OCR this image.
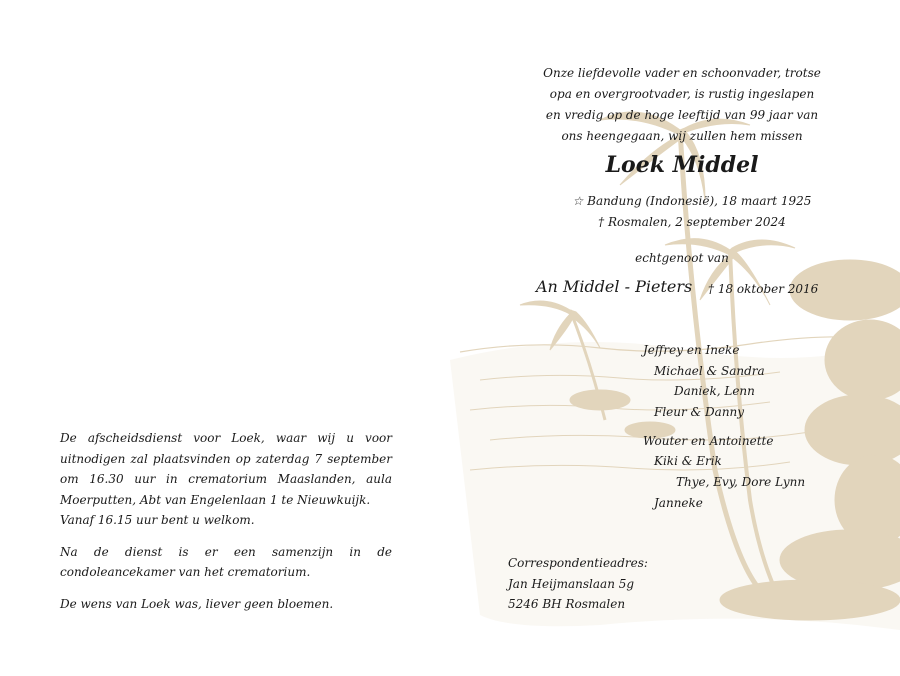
De afscheidsdienst voor Loek, waar wij u voor uitnodigen zal plaatsvinden op zaterdag 7 september om 16.30 uur in crematorium Maaslanden, aula Moerputten, Abt van Engelenlaan 1 te Nieuwkuijk.
Vanaf 16.15 uur bent u welkom.

Na de dienst is er een samenzijn in de condoleancekamer van het crematorium.

De wens van Loek was, liever geen bloemen.

Onze liefdevolle vader en schoonvader, trotse
opa en overgrootvader, is rustig ingeslapen
en vredig op de hoge leeftijd van 99 jaar van
ons heengegaan, wij zullen hem missen
Loek Middel
☆ Bandung (Indonesië), 18 maart 1925
† Rosmalen, 2 september 2024
echtgenoot van
An Middel - Pieters † 18 oktober 2016
Jeffrey en Ineke
Michael & Sandra
Daniek, Lenn
Fleur & Danny
Wouter en Antoinette
Kiki & Erik
Thye, Evy, Dore Lynn
Janneke
Correspondentieadres:
Jan Heijmanslaan 5g
5246 BH Rosmalen
